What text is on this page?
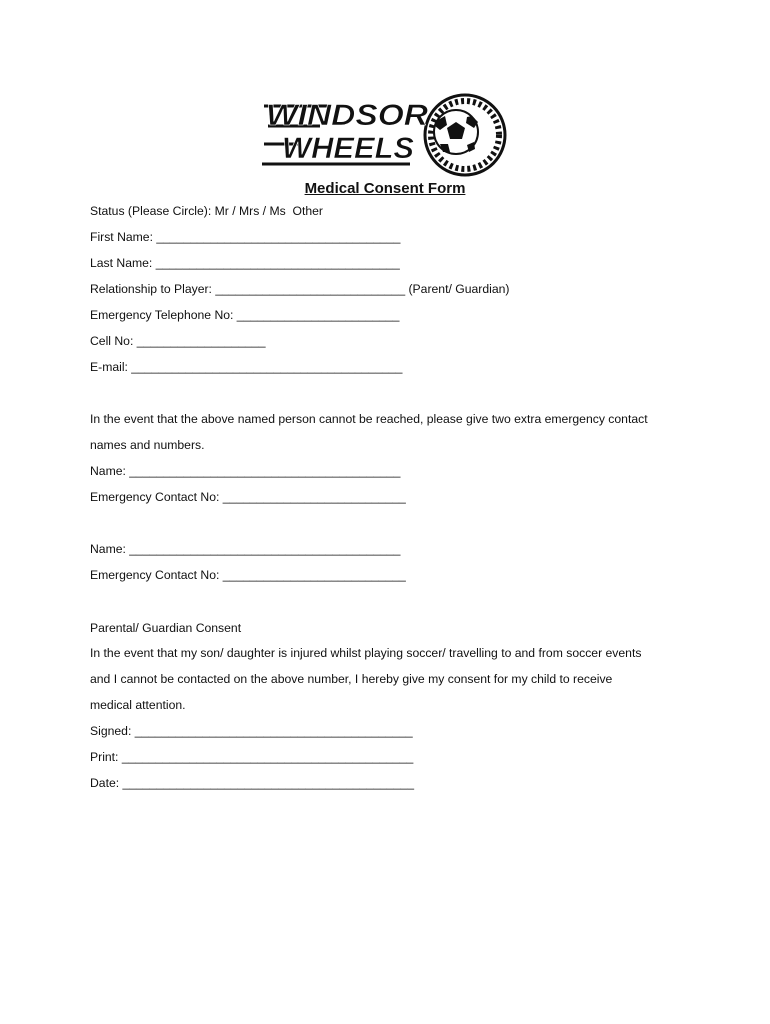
WINDSOR
WHEELS
Medical Consent Form
Status (Please Circle): Mr / Mrs / Ms  Other
First Name: ____________________________________
Last Name: ____________________________________
Relationship to Player: ____________________________ (Parent/ Guardian)
Emergency Telephone No: ________________________
Cell No: ___________________
E-mail: ________________________________________
In the event that the above named person cannot be reached, please give two extra emergency contact
names and numbers.
Name: ________________________________________
Emergency Contact No: ___________________________
Name: ________________________________________
Emergency Contact No: ___________________________
Parental/ Guardian Consent
In the event that my son/ daughter is injured whilst playing soccer/ travelling to and from soccer events
and I cannot be contacted on the above number, I hereby give my consent for my child to receive
medical attention.
Signed: _________________________________________
Print: ___________________________________________
Date: ___________________________________________
